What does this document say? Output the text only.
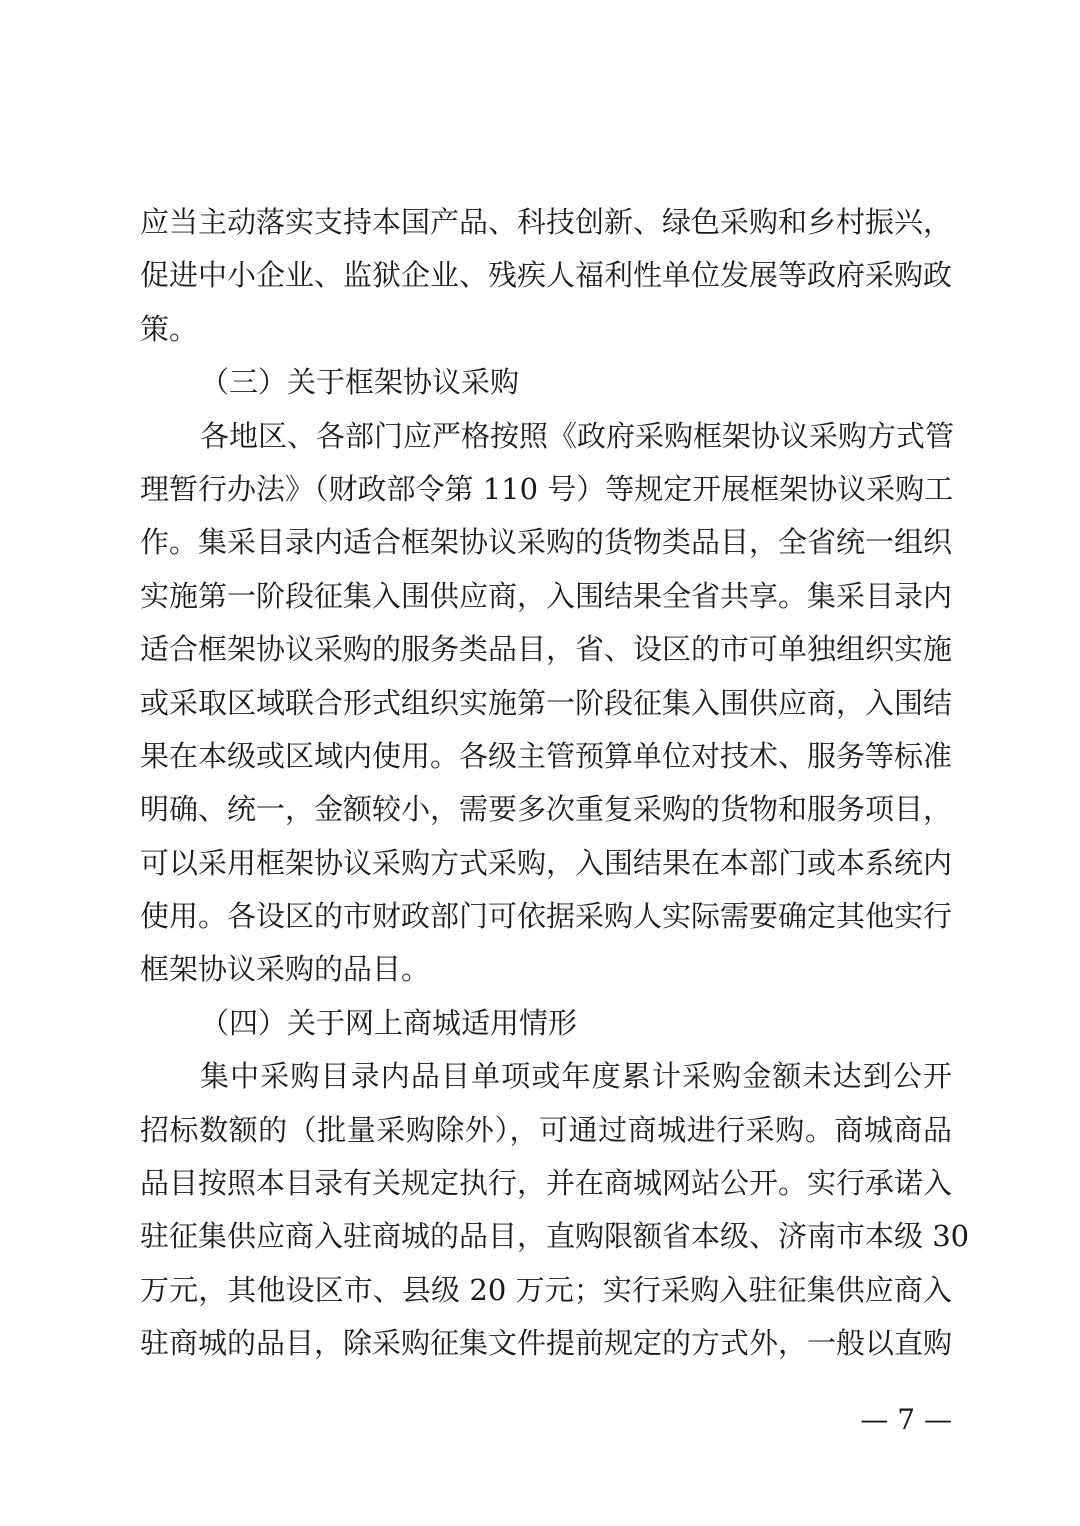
应当主动落实支持本国产品、科技创新、绿色采购和乡村振兴，
促进中小企业、监狱企业、残疾人福利性单位发展等政府采购政
策。
（三）关于框架协议采购
各地区、各部门应严格按照《政府采购框架协议采购方式管
理暂行办法》（财政部令第 110 号）等规定开展框架协议采购工
作。集采目录内适合框架协议采购的货物类品目，全省统一组织
实施第一阶段征集入围供应商，入围结果全省共享。集采目录内
适合框架协议采购的服务类品目，省、设区的市可单独组织实施
或采取区域联合形式组织实施第一阶段征集入围供应商，入围结
果在本级或区域内使用。各级主管预算单位对技术、服务等标准
明确、统一，金额较小，需要多次重复采购的货物和服务项目，
可以采用框架协议采购方式采购，入围结果在本部门或本系统内
使用。各设区的市财政部门可依据采购人实际需要确定其他实行
框架协议采购的品目。
（四）关于网上商城适用情形
集中采购目录内品目单项或年度累计采购金额未达到公开
招标数额的（批量采购除外），可通过商城进行采购。商城商品
品目按照本目录有关规定执行，并在商城网站公开。实行承诺入
驻征集供应商入驻商城的品目，直购限额省本级、济南市本级 30
万元，其他设区市、县级 20 万元；实行采购入驻征集供应商入
驻商城的品目，除采购征集文件提前规定的方式外，一般以直购
— 7 —
